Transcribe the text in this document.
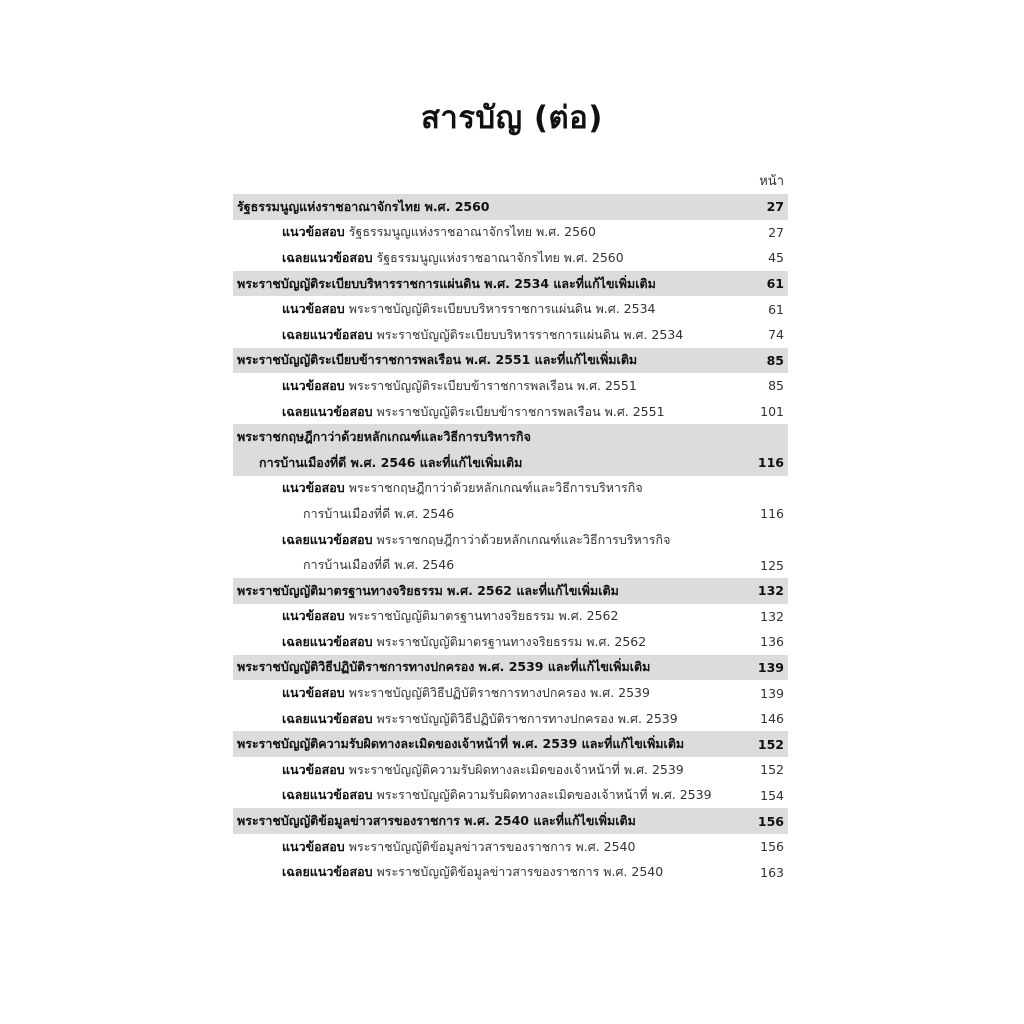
สารบัญ (ต่อ)
หน้า
รัฐธรรมนูญแห่งราชอาณาจักรไทย พ.ศ. 2560	27
แนวข้อสอบ รัฐธรรมนูญแห่งราชอาณาจักรไทย พ.ศ. 2560	27
เฉลยแนวข้อสอบ รัฐธรรมนูญแห่งราชอาณาจักรไทย พ.ศ. 2560	45
พระราชบัญญัติระเบียบบริหารราชการแผ่นดิน พ.ศ. 2534 และที่แก้ไขเพิ่มเติม	61
แนวข้อสอบ พระราชบัญญัติระเบียบบริหารราชการแผ่นดิน พ.ศ. 2534	61
เฉลยแนวข้อสอบ พระราชบัญญัติระเบียบบริหารราชการแผ่นดิน พ.ศ. 2534	74
พระราชบัญญัติระเบียบข้าราชการพลเรือน พ.ศ. 2551 และที่แก้ไขเพิ่มเติม	85
แนวข้อสอบ พระราชบัญญัติระเบียบข้าราชการพลเรือน พ.ศ. 2551	85
เฉลยแนวข้อสอบ พระราชบัญญัติระเบียบข้าราชการพลเรือน พ.ศ. 2551	101
พระราชกฤษฎีกาว่าด้วยหลักเกณฑ์และวิธีการบริหารกิจ
การบ้านเมืองที่ดี พ.ศ. 2546 และที่แก้ไขเพิ่มเติม	116
แนวข้อสอบ พระราชกฤษฎีกาว่าด้วยหลักเกณฑ์และวิธีการบริหารกิจ
การบ้านเมืองที่ดี พ.ศ. 2546	116
เฉลยแนวข้อสอบ พระราชกฤษฎีกาว่าด้วยหลักเกณฑ์และวิธีการบริหารกิจ
การบ้านเมืองที่ดี พ.ศ. 2546	125
พระราชบัญญัติมาตรฐานทางจริยธรรม พ.ศ. 2562 และที่แก้ไขเพิ่มเติม	132
แนวข้อสอบ พระราชบัญญัติมาตรฐานทางจริยธรรม พ.ศ. 2562	132
เฉลยแนวข้อสอบ พระราชบัญญัติมาตรฐานทางจริยธรรม พ.ศ. 2562	136
พระราชบัญญัติวิธีปฏิบัติราชการทางปกครอง พ.ศ. 2539 และที่แก้ไขเพิ่มเติม	139
แนวข้อสอบ พระราชบัญญัติวิธีปฏิบัติราชการทางปกครอง พ.ศ. 2539	139
เฉลยแนวข้อสอบ พระราชบัญญัติวิธีปฏิบัติราชการทางปกครอง พ.ศ. 2539	146
พระราชบัญญัติความรับผิดทางละเมิดของเจ้าหน้าที่ พ.ศ. 2539 และที่แก้ไขเพิ่มเติม	152
แนวข้อสอบ พระราชบัญญัติความรับผิดทางละเมิดของเจ้าหน้าที่ พ.ศ. 2539	152
เฉลยแนวข้อสอบ พระราชบัญญัติความรับผิดทางละเมิดของเจ้าหน้าที่ พ.ศ. 2539	154
พระราชบัญญัติข้อมูลข่าวสารของราชการ พ.ศ. 2540 และที่แก้ไขเพิ่มเติม	156
แนวข้อสอบ พระราชบัญญัติข้อมูลข่าวสารของราชการ พ.ศ. 2540	156
เฉลยแนวข้อสอบ พระราชบัญญัติข้อมูลข่าวสารของราชการ พ.ศ. 2540	163
